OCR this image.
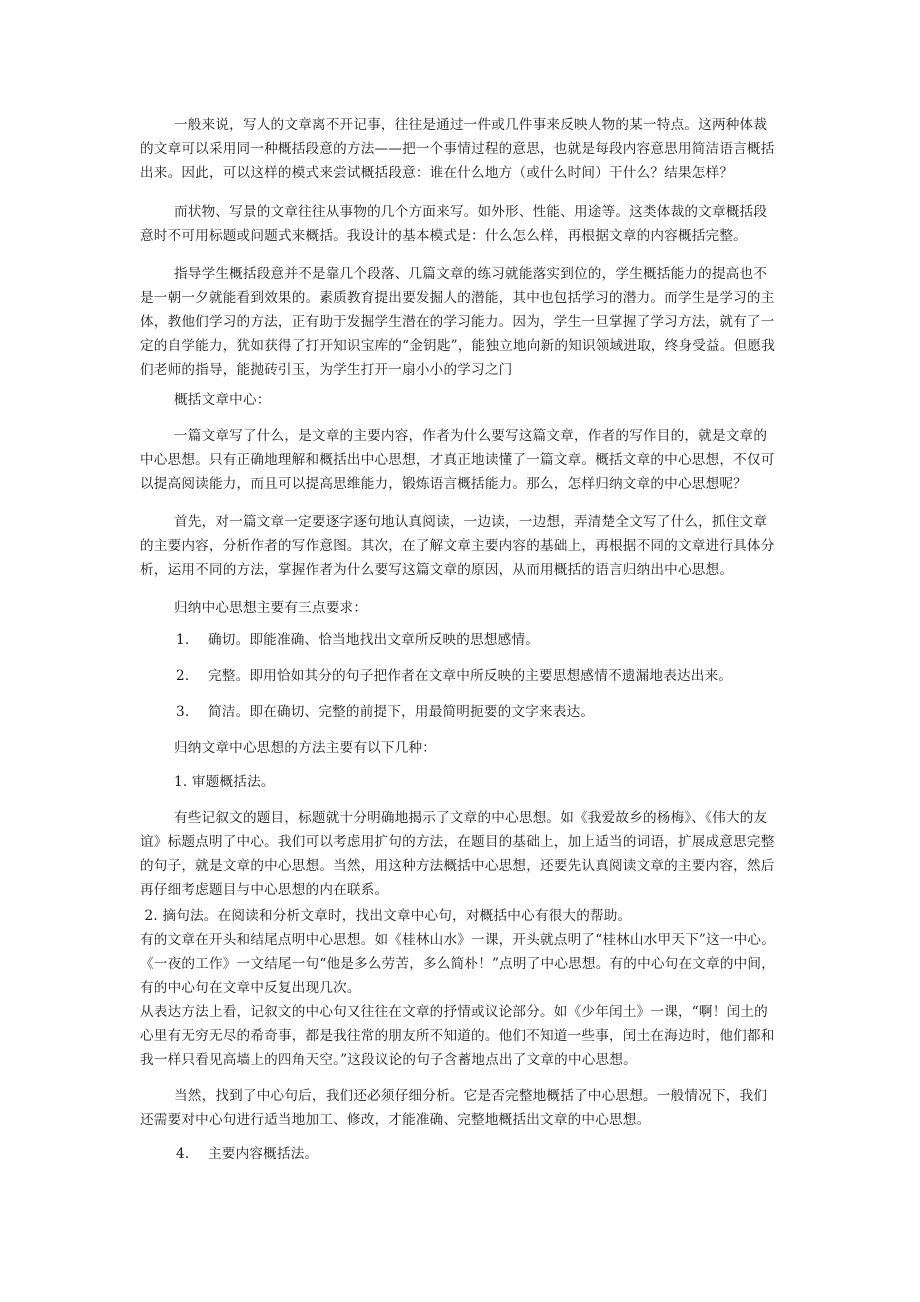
一般来说，写人的文章离不开记事，往往是通过一件或几件事来反映人物的某一特点。这两种体裁的文章可以采用同一种概括段意的方法——把一个事情过程的意思，也就是每段内容意思用简洁语言概括出来。因此，可以这样的模式来尝试概括段意：谁在什么地方（或什么时间）干什么？结果怎样？

而状物、写景的文章往往从事物的几个方面来写。如外形、性能、用途等。这类体裁的文章概括段意时不可用标题或问题式来概括。我设计的基本模式是：什么怎么样，再根据文章的内容概括完整。

指导学生概括段意并不是靠几个段落、几篇文章的练习就能落实到位的，学生概括能力的提高也不是一朝一夕就能看到效果的。素质教育提出要发掘人的潜能，其中也包括学习的潜力。而学生是学习的主体，教他们学习的方法，正有助于发掘学生潜在的学习能力。因为，学生一旦掌握了学习方法，就有了一定的自学能力，犹如获得了打开知识宝库的“金钥匙”，能独立地向新的知识领域进取，终身受益。但愿我们老师的指导，能抛砖引玉，为学生打开一扇小小的学习之门

概括文章中心：

一篇文章写了什么，是文章的主要内容，作者为什么要写这篇文章，作者的写作目的，就是文章的中心思想。只有正确地理解和概括出中心思想，才真正地读懂了一篇文章。概括文章的中心思想，不仅可以提高阅读能力，而且可以提高思维能力，锻炼语言概括能力。那么，怎样归纳文章的中心思想呢？

首先，对一篇文章一定要逐字逐句地认真阅读，一边读，一边想，弄清楚全文写了什么，抓住文章的主要内容，分析作者的写作意图。其次，在了解文章主要内容的基础上，再根据不同的文章进行具体分析，运用不同的方法，掌握作者为什么要写这篇文章的原因，从而用概括的语言归纳出中心思想。

归纳中心思想主要有三点要求：

1.	确切。即能准确、恰当地找出文章所反映的思想感情。
2.	完整。即用恰如其分的句子把作者在文章中所反映的主要思想感情不遗漏地表达出来。
3.	简洁。即在确切、完整的前提下，用最简明扼要的文字来表达。

归纳文章中心思想的方法主要有以下几种：

1. 审题概括法。

有些记叙文的题目，标题就十分明确地揭示了文章的中心思想。如《我爱故乡的杨梅》、《伟大的友谊》标题点明了中心。我们可以考虑用扩句的方法，在题目的基础上，加上适当的词语，扩展成意思完整的句子，就是文章的中心思想。当然，用这种方法概括中心思想，还要先认真阅读文章的主要内容，然后再仔细考虑题目与中心思想的内在联系。

2. 摘句法。在阅读和分析文章时，找出文章中心句，对概括中心有很大的帮助。

有的文章在开头和结尾点明中心思想。如《桂林山水》一课，开头就点明了“桂林山水甲天下”这一中心。《一夜的工作》一文结尾一句“他是多么劳苦，多么简朴！”点明了中心思想。有的中心句在文章的中间，有的中心句在文章中反复出现几次。

从表达方法上看，记叙文的中心句又往往在文章的抒情或议论部分。如《少年闰土》一课，“啊！闰土的心里有无穷无尽的希奇事，都是我往常的朋友所不知道的。他们不知道一些事，闰土在海边时，他们都和我一样只看见高墙上的四角天空。”这段议论的句子含蓄地点出了文章的中心思想。

当然，找到了中心句后，我们还必须仔细分析。它是否完整地概括了中心思想。一般情况下，我们还需要对中心句进行适当地加工、修改，才能准确、完整地概括出文章的中心思想。

4.	主要内容概括法。
